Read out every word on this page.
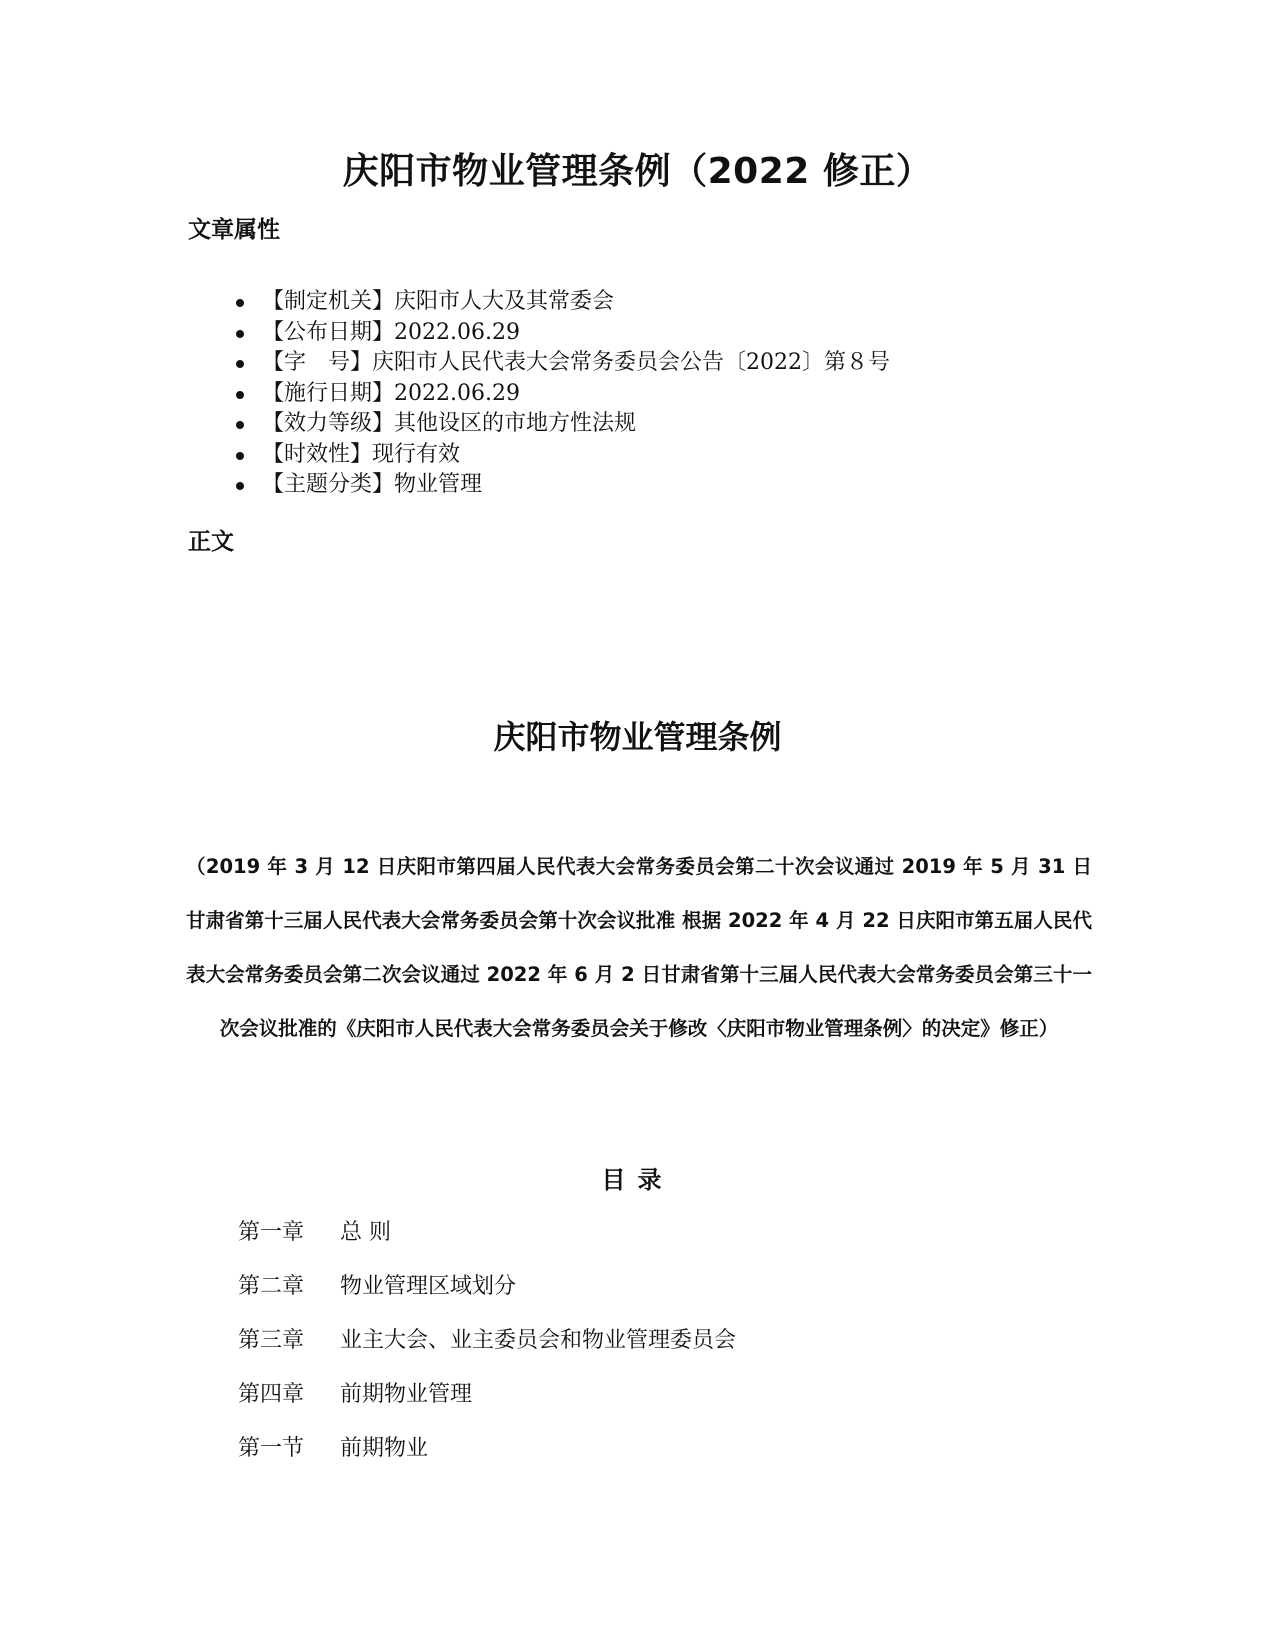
庆阳市物业管理条例（2022 修正）
文章属性
【制定机关】庆阳市人大及其常委会
【公布日期】2022.06.29
【字　号】庆阳市人民代表大会常务委员会公告〔2022〕第８号
【施行日期】2022.06.29
【效力等级】其他设区的市地方性法规
【时效性】现行有效
【主题分类】物业管理
正文
庆阳市物业管理条例
（2019 年 3 月 12 日庆阳市第四届人民代表大会常务委员会第二十次会议通过 2019 年 5 月 31 日甘肃省第十三届人民代表大会常务委员会第十次会议批准 根据 2022 年 4 月 22 日庆阳市第五届人民代表大会常务委员会第二次会议通过 2022 年 6 月 2 日甘肃省第十三届人民代表大会常务委员会第三十一次会议批准的《庆阳市人民代表大会常务委员会关于修改〈庆阳市物业管理条例〉的决定》修正）
目录
第一章 总 则
第二章 物业管理区域划分
第三章 业主大会、业主委员会和物业管理委员会
第四章 前期物业管理
第一节 前期物业
